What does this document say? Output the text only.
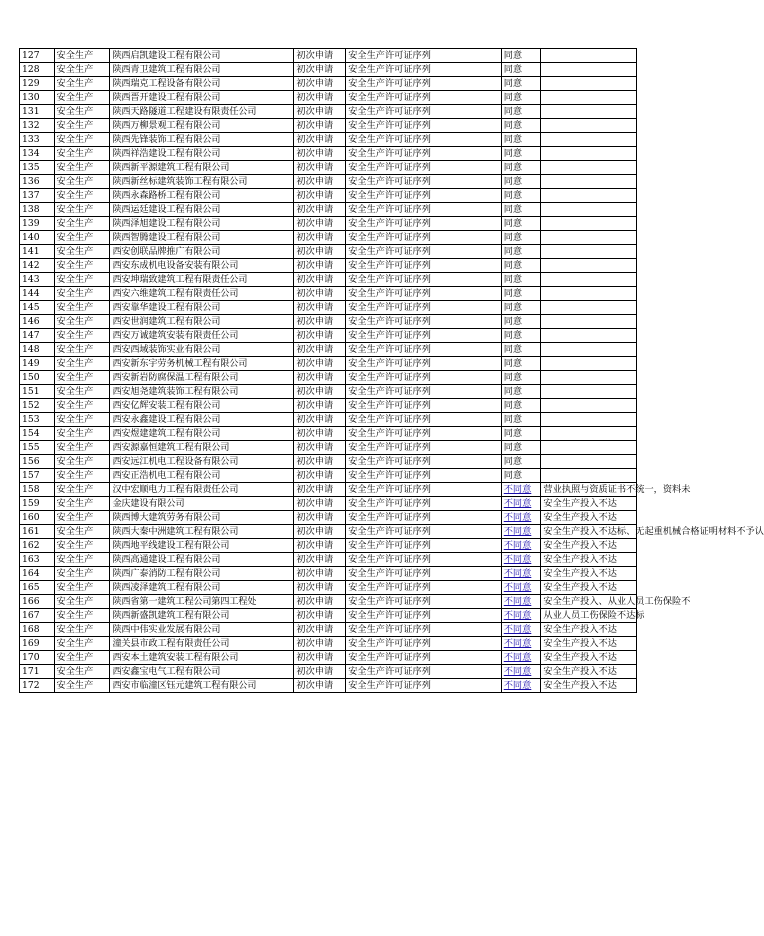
127	安全生产	陕西启凯建设工程有限公司	初次申请	安全生产许可证序列	同意	
128	安全生产	陕西青卫建筑工程有限公司	初次申请	安全生产许可证序列	同意	
129	安全生产	陕西瑞克工程设备有限公司	初次申请	安全生产许可证序列	同意	
130	安全生产	陕西晋开建设工程有限公司	初次申请	安全生产许可证序列	同意	
131	安全生产	陕西天路隧道工程建设有限责任公司	初次申请	安全生产许可证序列	同意	
132	安全生产	陕西万柳景观工程有限公司	初次申请	安全生产许可证序列	同意	
133	安全生产	陕西先锋装饰工程有限公司	初次申请	安全生产许可证序列	同意	
134	安全生产	陕西祥浩建设工程有限公司	初次申请	安全生产许可证序列	同意	
135	安全生产	陕西新平源建筑工程有限公司	初次申请	安全生产许可证序列	同意	
136	安全生产	陕西新丝标建筑装饰工程有限公司	初次申请	安全生产许可证序列	同意	
137	安全生产	陕西永森路桥工程有限公司	初次申请	安全生产许可证序列	同意	
138	安全生产	陕西运廷建设工程有限公司	初次申请	安全生产许可证序列	同意	
139	安全生产	陕西泽旭建设工程有限公司	初次申请	安全生产许可证序列	同意	
140	安全生产	陕西智腾建设工程有限公司	初次申请	安全生产许可证序列	同意	
141	安全生产	西安创联品牌推广有限公司	初次申请	安全生产许可证序列	同意	
142	安全生产	西安东成机电设备安装有限公司	初次申请	安全生产许可证序列	同意	
143	安全生产	西安坤瑞致建筑工程有限责任公司	初次申请	安全生产许可证序列	同意	
144	安全生产	西安六维建筑工程有限责任公司	初次申请	安全生产许可证序列	同意	
145	安全生产	西安靠华建设工程有限公司	初次申请	安全生产许可证序列	同意	
146	安全生产	西安世润建筑工程有限公司	初次申请	安全生产许可证序列	同意	
147	安全生产	西安万诚建筑安装有限责任公司	初次申请	安全生产许可证序列	同意	
148	安全生产	西安西域装饰实业有限公司	初次申请	安全生产许可证序列	同意	
149	安全生产	西安新东宇劳务机械工程有限公司	初次申请	安全生产许可证序列	同意	
150	安全生产	西安新岩防腐保温工程有限公司	初次申请	安全生产许可证序列	同意	
151	安全生产	西安旭尧建筑装饰工程有限公司	初次申请	安全生产许可证序列	同意	
152	安全生产	西安亿辉安装工程有限公司	初次申请	安全生产许可证序列	同意	
153	安全生产	西安永鑫建设工程有限公司	初次申请	安全生产许可证序列	同意	
154	安全生产	西安煜建建筑工程有限公司	初次申请	安全生产许可证序列	同意	
155	安全生产	西安源嘉恒建筑工程有限公司	初次申请	安全生产许可证序列	同意	
156	安全生产	西安远江机电工程设备有限公司	初次申请	安全生产许可证序列	同意	
157	安全生产	西安正浩机电工程有限公司	初次申请	安全生产许可证序列	同意	
158	安全生产	汉中宏顺电力工程有限责任公司	初次申请	安全生产许可证序列	不同意	营业执照与资质证书不统一，资料未
159	安全生产	金庆建设有限公司	初次申请	安全生产许可证序列	不同意	安全生产投入不达
160	安全生产	陕西博大建筑劳务有限公司	初次申请	安全生产许可证序列	不同意	安全生产投入不达
161	安全生产	陕西大秦中洲建筑工程有限公司	初次申请	安全生产许可证序列	不同意	安全生产投入不达标、无起重机械合格证明材料不予认
162	安全生产	陕西地平线建设工程有限公司	初次申请	安全生产许可证序列	不同意	安全生产投入不达
163	安全生产	陕西高通建设工程有限公司	初次申请	安全生产许可证序列	不同意	安全生产投入不达
164	安全生产	陕西广泰消防工程有限公司	初次申请	安全生产许可证序列	不同意	安全生产投入不达
165	安全生产	陕西凌泽建筑工程有限公司	初次申请	安全生产许可证序列	不同意	安全生产投入不达
166	安全生产	陕西省第一建筑工程公司第四工程处	初次申请	安全生产许可证序列	不同意	安全生产投入、从业人员工伤保险不
167	安全生产	陕西新盛凯建筑工程有限公司	初次申请	安全生产许可证序列	不同意	从业人员工伤保险不达标
168	安全生产	陕西中伟实业发展有限公司	初次申请	安全生产许可证序列	不同意	安全生产投入不达
169	安全生产	潼关县市政工程有限责任公司	初次申请	安全生产许可证序列	不同意	安全生产投入不达
170	安全生产	西安本土建筑安装工程有限公司	初次申请	安全生产许可证序列	不同意	安全生产投入不达
171	安全生产	西安鑫宝电气工程有限公司	初次申请	安全生产许可证序列	不同意	安全生产投入不达
172	安全生产	西安市临潼区钰元建筑工程有限公司	初次申请	安全生产许可证序列	不同意	安全生产投入不达
